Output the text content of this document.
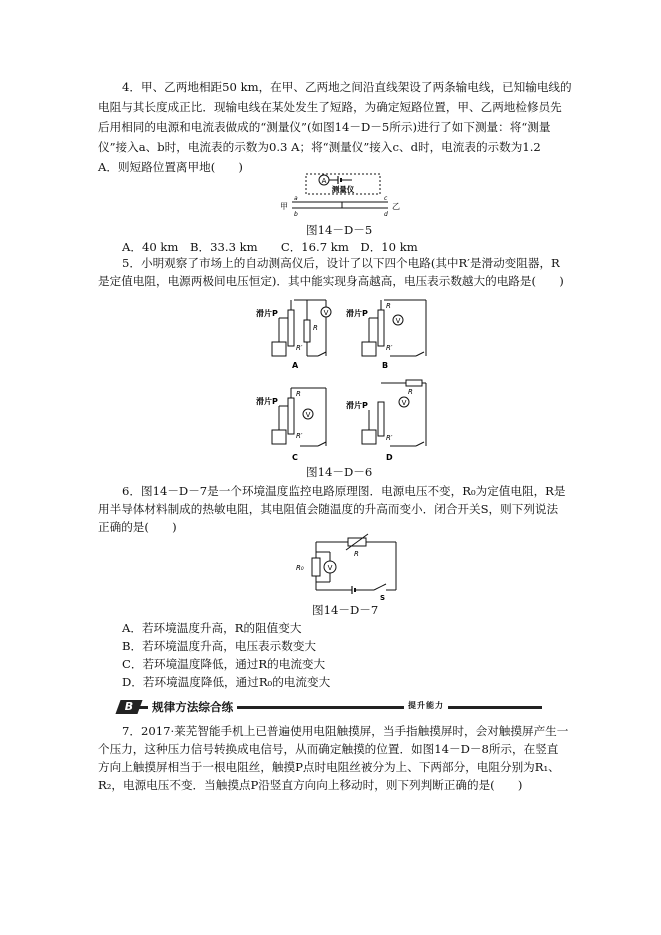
4．甲、乙两地相距50 km，在甲、乙两地之间沿直线架设了两条输电线，已知输电线的
电阻与其长度成正比．现输电线在某处发生了短路，为确定短路位置，甲、乙两地检修员先
后用相同的电源和电流表做成的“测量仪”(如图14－D－5所示)进行了如下测量：将“测量
仪”接入a、b时，电流表的示数为0.3 A；将“测量仪”接入c、d时，电流表的示数为1.2
A．则短路位置离甲地(　　)
A
测量仪
甲	乙
a
b
c
d
图14－D－5
A．40 km　B．33.3 km　　C．16.7 km　D．10 km
5．小明观察了市场上的自动测高仪后，设计了以下四个电路(其中R′是滑动变阻器，R
是定值电阻，电源两极间电压恒定)．其中能实现身高越高，电压表示数越大的电路是(　　)
滑片P
R
R′
V
A
滑片P
V
R
R′
B
滑片P
R
R′
V
C
滑片P
R
V
R′
D
图14－D－6
6．图14－D－7是一个环境温度监控电路原理图．电源电压不变，R₀为定值电阻，R是
用半导体材料制成的热敏电阻，其电阻值会随温度的升高而变小．闭合开关S，则下列说法
正确的是(　　)
R
R₀	V
S
图14－D－7
A．若环境温度升高，R的阻值变大
B．若环境温度升高，电压表示数变大
C．若环境温度降低，通过R的电流变大
D．若环境温度降低，通过R₀的电流变大
B	规律方法综合练	提升能力
7．2017·莱芜智能手机上已普遍使用电阻触摸屏，当手指触摸屏时，会对触摸屏产生一
个压力，这种压力信号转换成电信号，从而确定触摸的位置．如图14－D－8所示，在竖直
方向上触摸屏相当于一根电阻丝，触摸P点时电阻丝被分为上、下两部分，电阻分别为R₁、
R₂，电源电压不变．当触摸点P沿竖直方向向上移动时，则下列判断正确的是(　　)
